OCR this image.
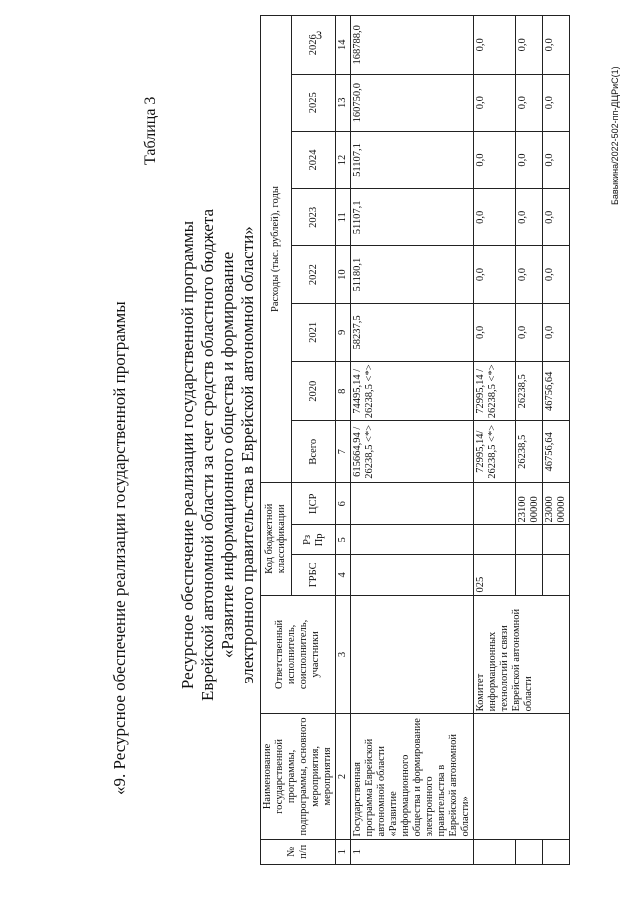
3
«9. Ресурсное обеспечение реализации государственной программы
Таблица 3
Ресурсное обеспечение реализации государственной программы Еврейской автономной области за счет средств областного бюджета «Развитие информационного общества и формирование электронного правительства в Еврейской автономной области»
№ п/п	Наименование государственной программы, подпрограммы, основного мероприятия, мероприятия	Ответственный исполнитель, соисполнитель, участники	Код бюджетной классификации			Расходы (тыс. рублей), годы							
			ГРБС	Рз Пр	ЦСР	Всего	2020	2021	2022	2023	2024	2025	2026
1	2	3	4	5	6	7	8	9	10	11	12	13	14
1	Государственная программа Еврейской автономной области «Развитие информационного общества и формирование электронного правительства в Еврейской автономной области»					615664,94 / 26238,5 <*>	74495,14 / 26238,5 <*>	58237,5	51180,1	51107,1	51107,1	160750,0	168788,0
		Комитет информационных технологий и связи Еврейской автономной области	025			72995,14/ 26238,5 <*>	72995,14 / 26238,5 <*>	0,0	0,0	0,0	0,0	0,0	0,0
					23100 00000	26238,5	26238,5	0,0	0,0	0,0	0,0	0,0	0,0
					23000 00000	46756,64	46756,64	0,0	0,0	0,0	0,0	0,0	0,0
Бавыкина/2022-502-пп-ДЦРиС(1)
